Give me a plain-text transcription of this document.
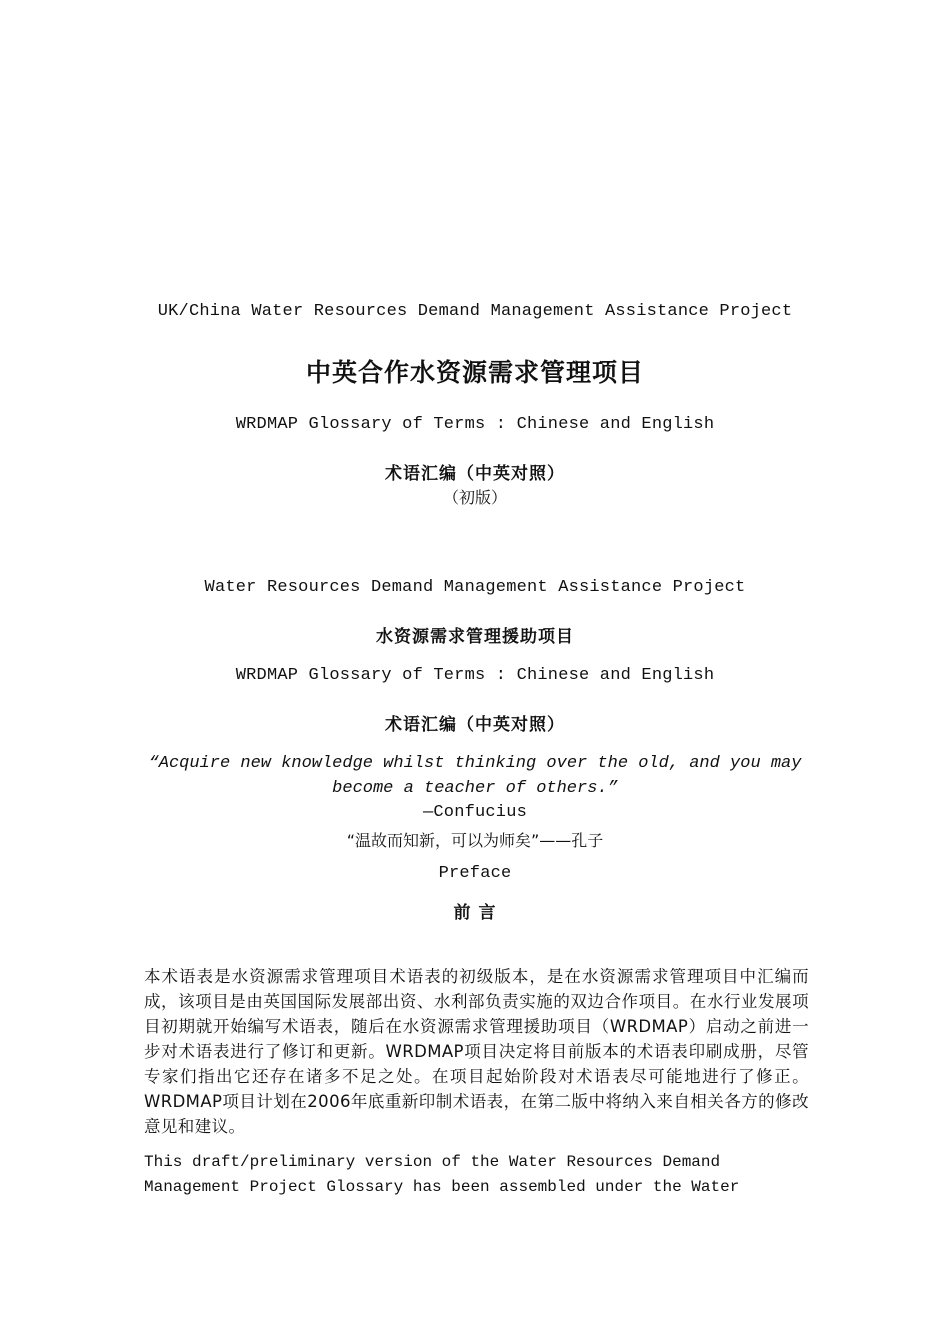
UK/China Water Resources Demand Management Assistance Project
中英合作水资源需求管理项目
WRDMAP Glossary of Terms : Chinese and English
术语汇编（中英对照）
（初版）
Water Resources Demand Management Assistance Project
水资源需求管理援助项目
WRDMAP Glossary of Terms : Chinese and English
术语汇编（中英对照）
“Acquire new knowledge whilst thinking over the old, and you may
become a teacher of others.”
—Confucius
“温故而知新，可以为师矣”——孔子
Preface
前 言
本术语表是水资源需求管理项目术语表的初级版本，是在水资源需求管理项目中汇编而成，该项目是由英国国际发展部出资、水利部负责实施的双边合作项目。在水行业发展项目初期就开始编写术语表，随后在水资源需求管理援助项目（WRDMAP）启动之前进一步对术语表进行了修订和更新。WRDMAP项目决定将目前版本的术语表印刷成册，尽管专家们指出它还存在诸多不足之处。在项目起始阶段对术语表尽可能地进行了修正。WRDMAP项目计划在2006年底重新印制术语表，在第二版中将纳入来自相关各方的修改意见和建议。
This draft/preliminary version of the Water Resources Demand
Management Project Glossary has been assembled under the Water
